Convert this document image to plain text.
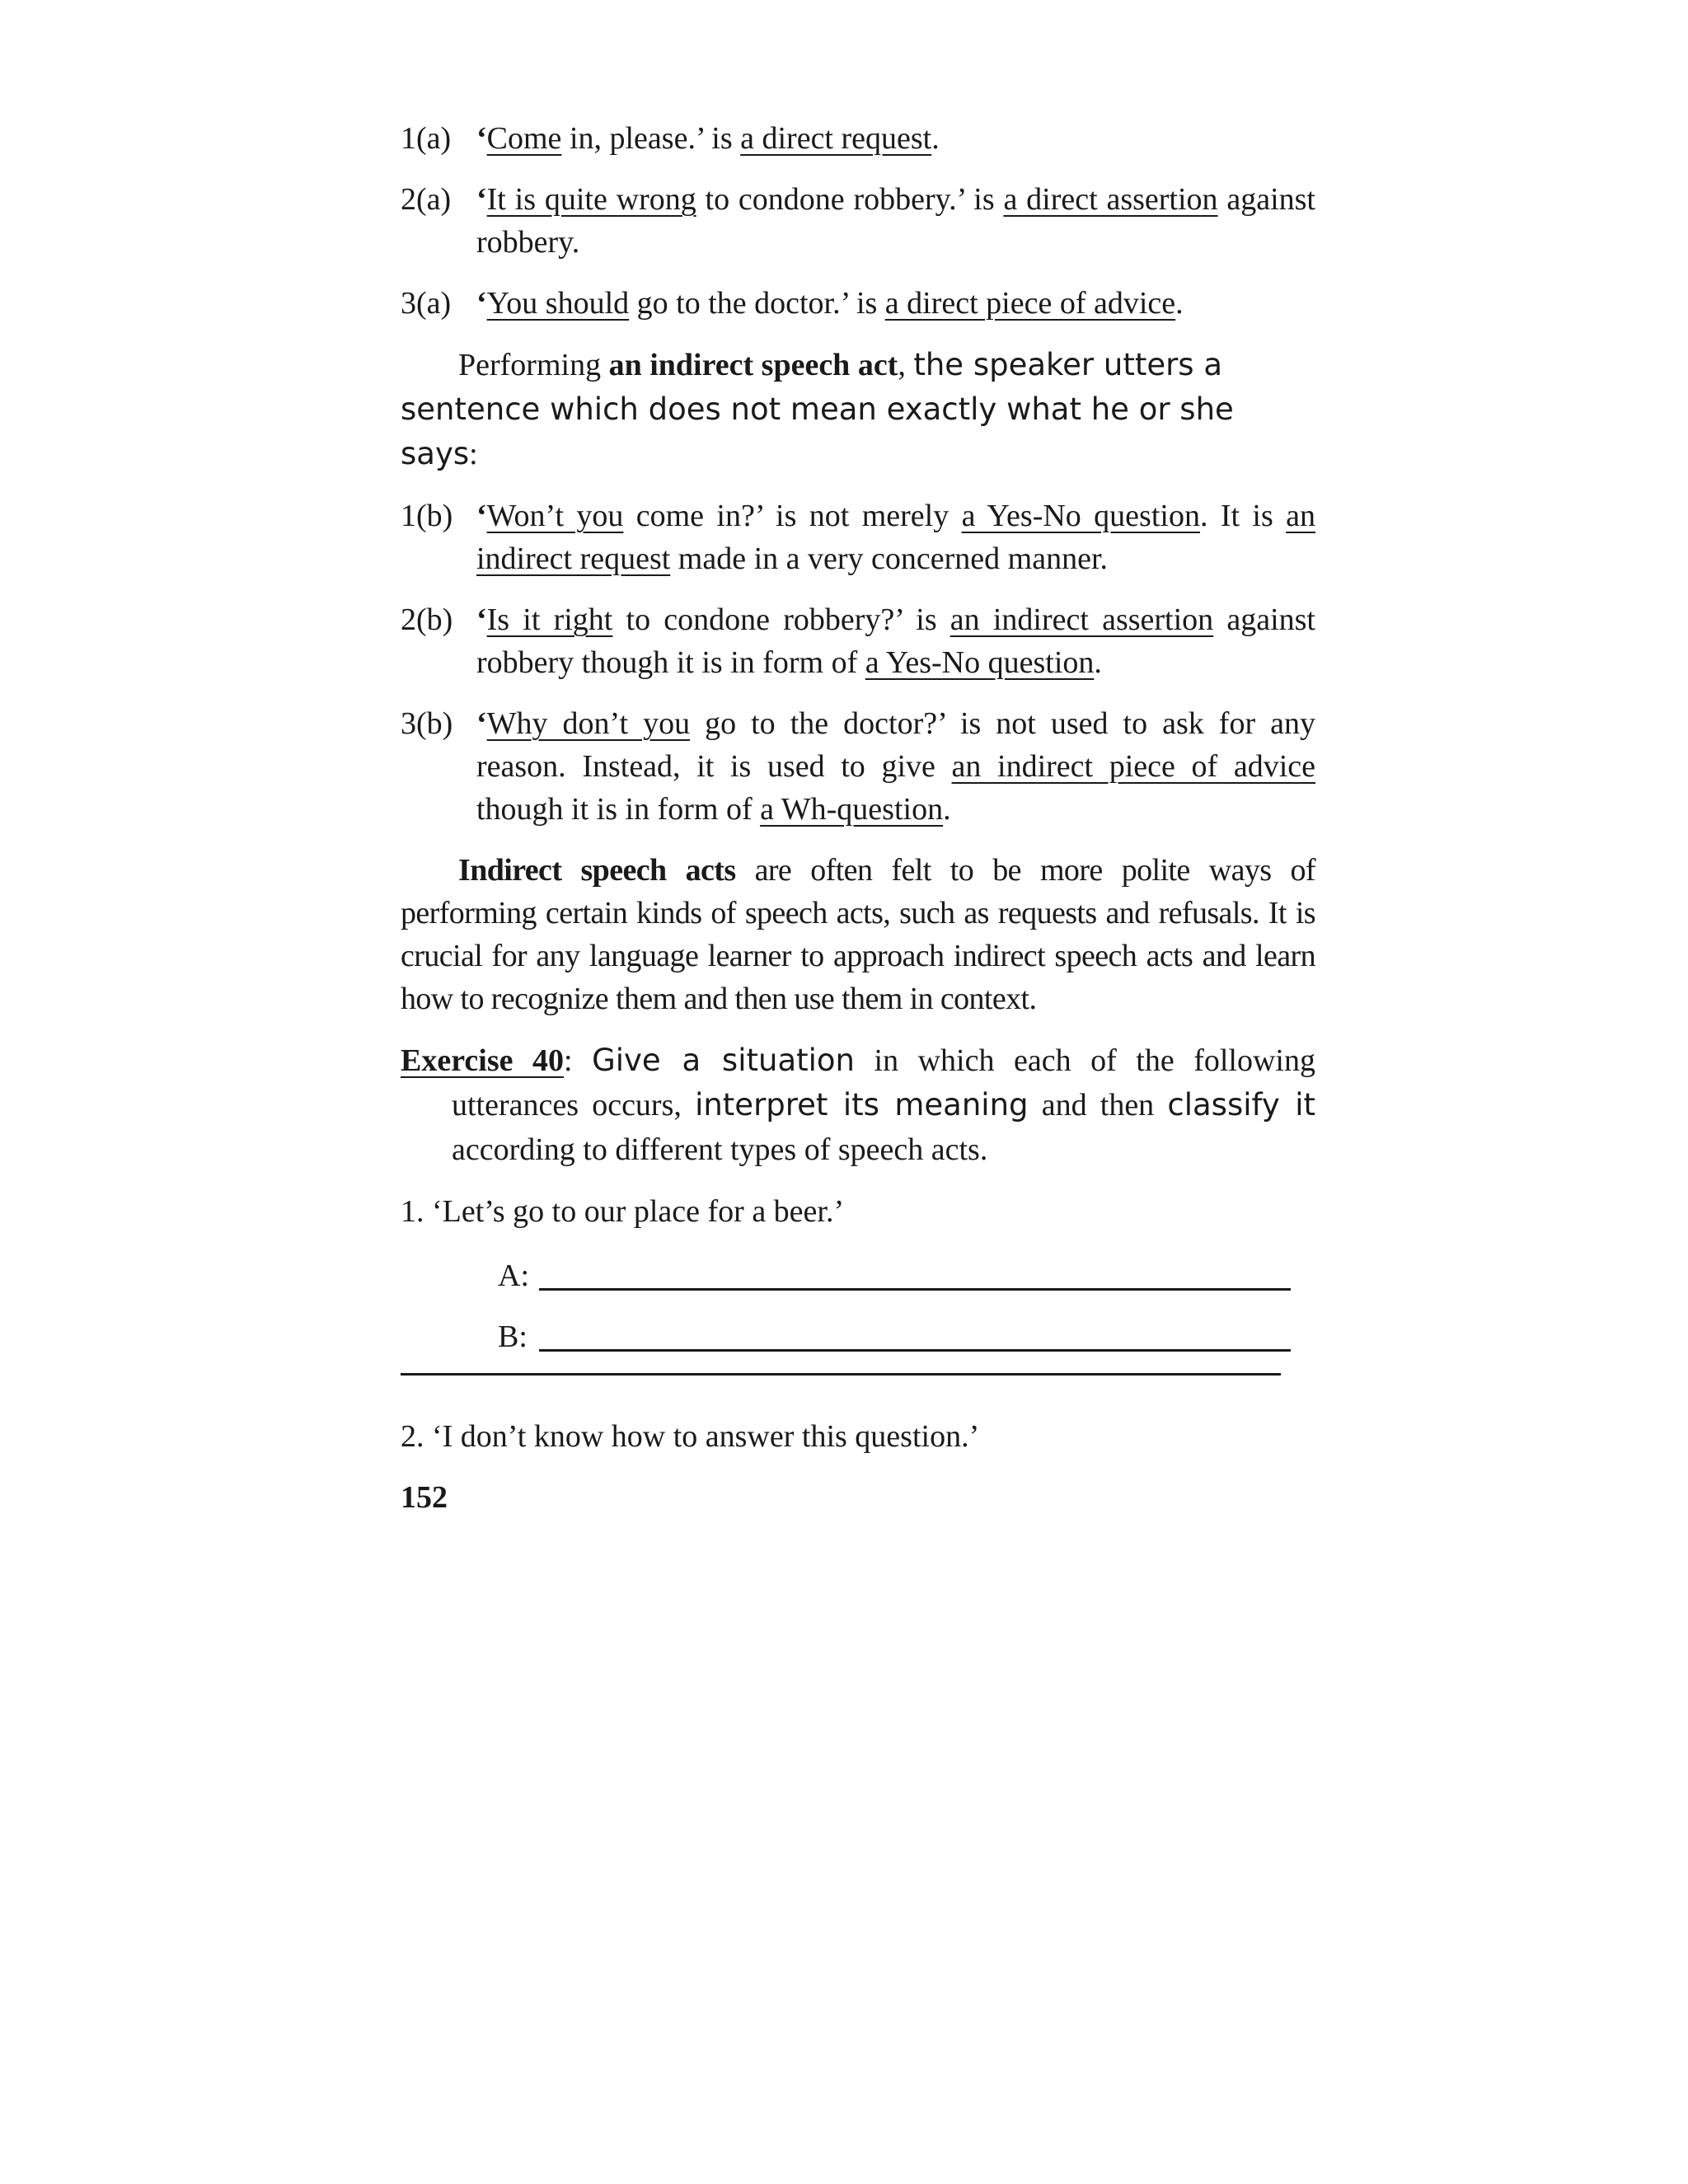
1(a) ‘Come in, please.’ is a direct request.
2(a) ‘It is quite wrong to condone robbery.’ is a direct assertion against robbery.
3(a) ‘You should go to the doctor.’ is a direct piece of advice.
Performing an indirect speech act, the speaker utters a sentence which does not mean exactly what he or she says:
1(b) ‘Won’t you come in?’ is not merely a Yes-No question. It is an indirect request made in a very concerned manner.
2(b) ‘Is it right to condone robbery?’ is an indirect assertion against robbery though it is in form of a Yes-No question.
3(b) ‘Why don’t you go to the doctor?’ is not used to ask for any reason. Instead, it is used to give an indirect piece of advice though it is in form of a Wh-question.
Indirect speech acts are often felt to be more polite ways of performing certain kinds of speech acts, such as requests and refusals. It is crucial for any language learner to approach indirect speech acts and learn how to recognize them and then use them in context.
Exercise 40: Give a situation in which each of the following utterances occurs, interpret its meaning and then classify it according to different types of speech acts.
1. ‘Let’s go to our place for a beer.’
A:
B:
2. ‘I don’t know how to answer this question.’
152
